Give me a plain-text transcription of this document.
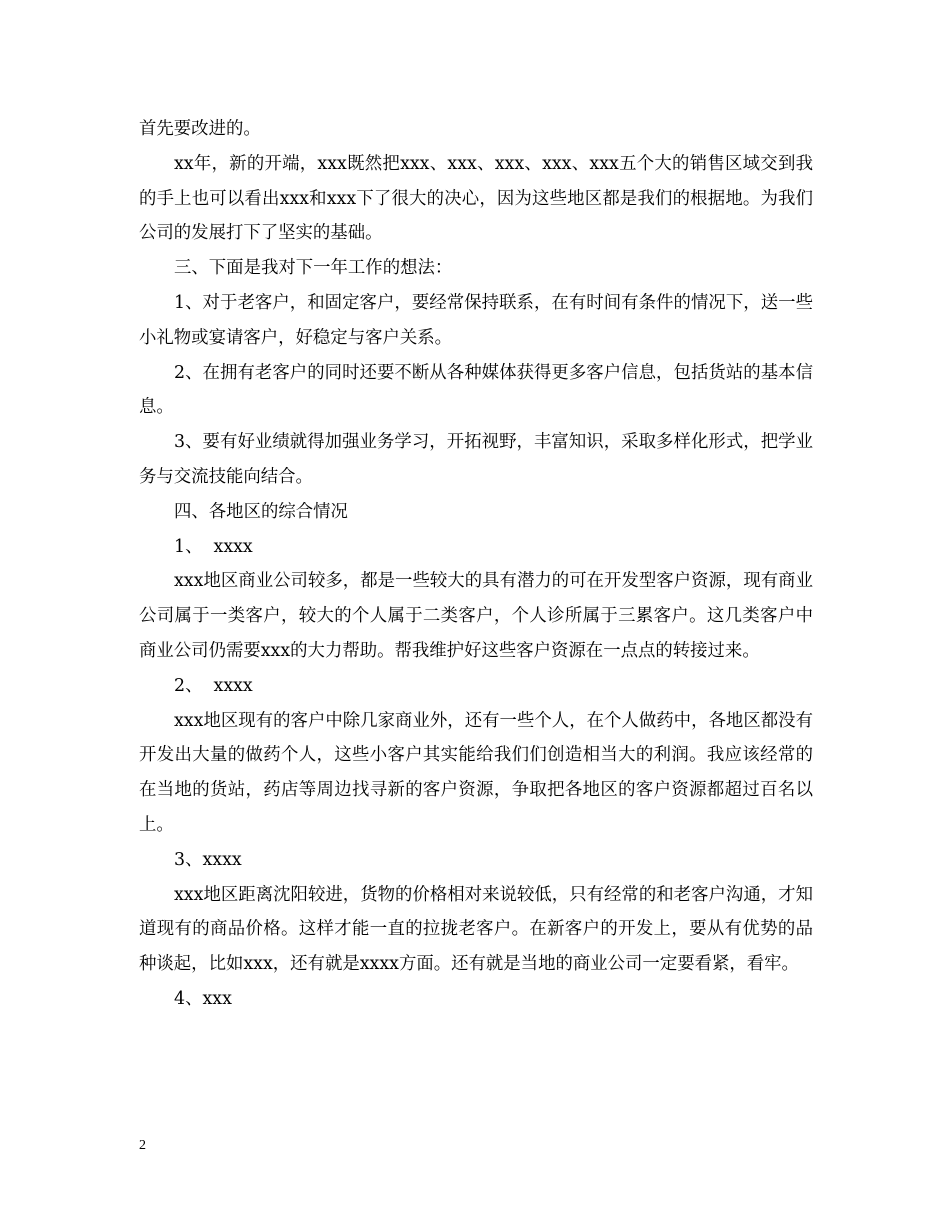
首先要改进的。

xx年，新的开端，xxx既然把xxx、xxx、xxx、xxx、xxx五个大的销售区域交到我的手上也可以看出xxx和xxx下了很大的决心，因为这些地区都是我们的根据地。为我们公司的发展打下了坚实的基础。

三、下面是我对下一年工作的想法：

1、对于老客户，和固定客户，要经常保持联系，在有时间有条件的情况下，送一些小礼物或宴请客户，好稳定与客户关系。

2、在拥有老客户的同时还要不断从各种媒体获得更多客户信息，包括货站的基本信息。

3、要有好业绩就得加强业务学习，开拓视野，丰富知识，采取多样化形式，把学业务与交流技能向结合。

四、各地区的综合情况

1、  xxxx

xxx地区商业公司较多，都是一些较大的具有潜力的可在开发型客户资源，现有商业公司属于一类客户，较大的个人属于二类客户，个人诊所属于三累客户。这几类客户中商业公司仍需要xxx的大力帮助。帮我维护好这些客户资源在一点点的转接过来。

2、  xxxx

xxx地区现有的客户中除几家商业外，还有一些个人，在个人做药中，各地区都没有开发出大量的做药个人，这些小客户其实能给我们们创造相当大的利润。我应该经常的在当地的货站，药店等周边找寻新的客户资源，争取把各地区的客户资源都超过百名以上。

3、xxxx

xxx地区距离沈阳较进，货物的价格相对来说较低，只有经常的和老客户沟通，才知道现有的商品价格。这样才能一直的拉拢老客户。在新客户的开发上，要从有优势的品种谈起，比如xxx，还有就是xxxx方面。还有就是当地的商业公司一定要看紧，看牢。

4、xxx

2
